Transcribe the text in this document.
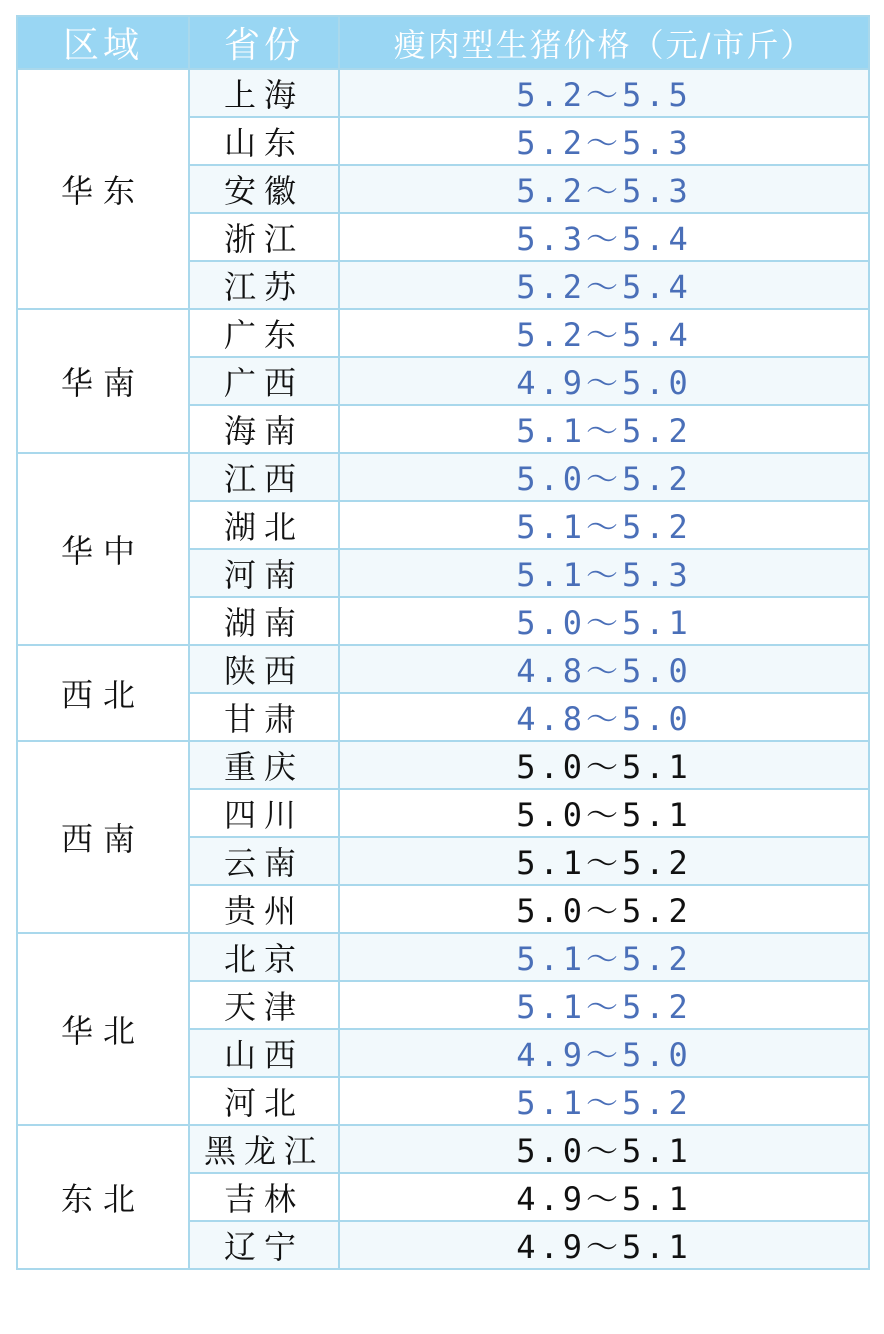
区域	省份	瘦肉型生猪价格（元/市斤）
华东	上海	5.2～5.5
	山东	5.2～5.3
	安徽	5.2～5.3
	浙江	5.3～5.4
	江苏	5.2～5.4
华南	广东	5.2～5.4
	广西	4.9～5.0
	海南	5.1～5.2
华中	江西	5.0～5.2
	湖北	5.1～5.2
	河南	5.1～5.3
	湖南	5.0～5.1
西北	陕西	4.8～5.0
	甘肃	4.8～5.0
西南	重庆	5.0～5.1
	四川	5.0～5.1
	云南	5.1～5.2
	贵州	5.0～5.2
华北	北京	5.1～5.2
	天津	5.1～5.2
	山西	4.9～5.0
	河北	5.1～5.2
东北	黑龙江	5.0～5.1
	吉林	4.9～5.1
	辽宁	4.9～5.1
